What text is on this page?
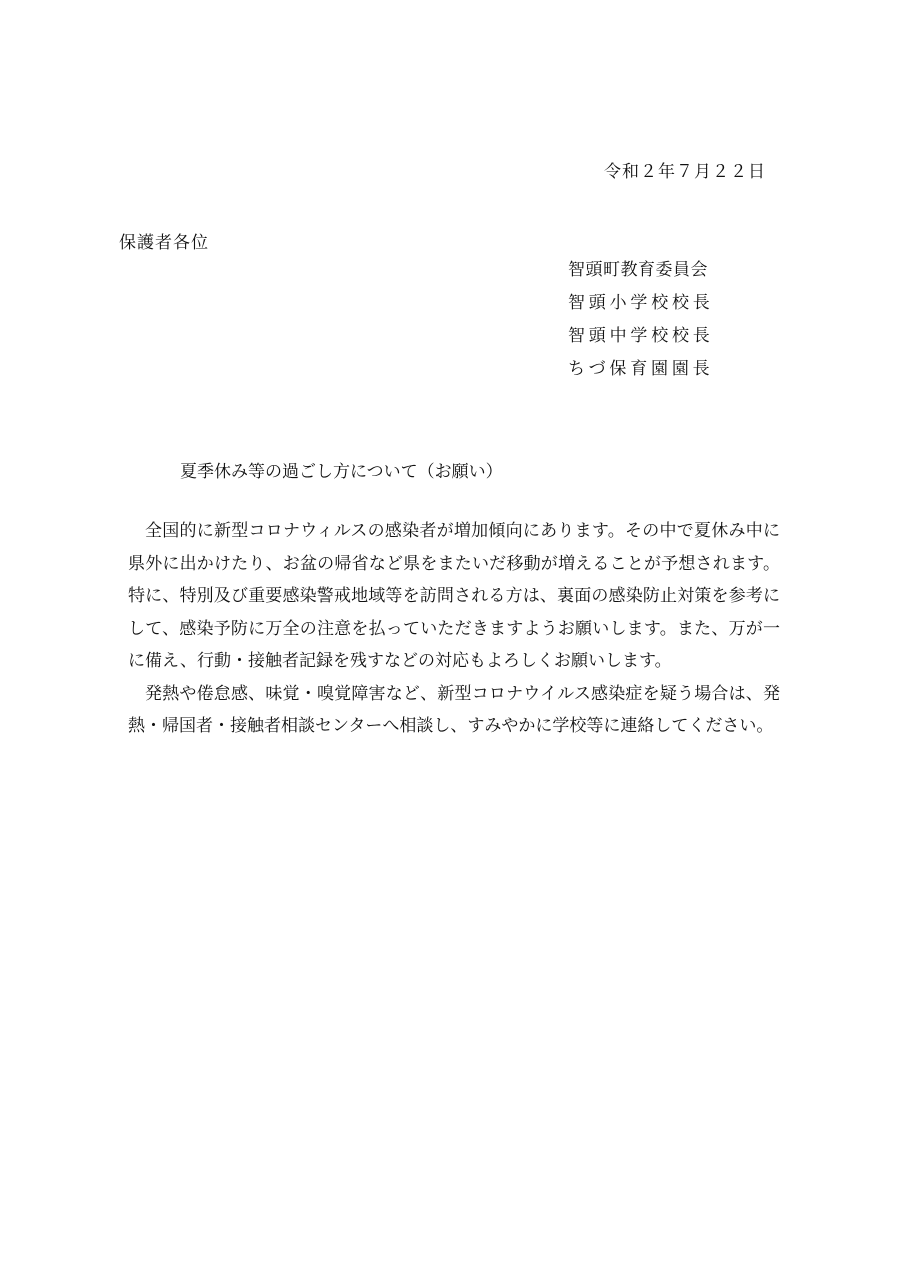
令和２年７月２２日
保護者各位
智頭町教育委員会
智頭小学校校長
智頭中学校校長
ちづ保育園園長
夏季休み等の過ごし方について（お願い）

全国的に新型コロナウィルスの感染者が増加傾向にあります。その中で夏休み中に県外に出かけたり、お盆の帰省など県をまたいだ移動が増えることが予想されます。特に、特別及び重要感染警戒地域等を訪問される方は、裏面の感染防止対策を参考にして、感染予防に万全の注意を払っていただきますようお願いします。また、万が一に備え、行動・接触者記録を残すなどの対応もよろしくお願いします。

発熱や倦怠感、味覚・嗅覚障害など、新型コロナウイルス感染症を疑う場合は、発熱・帰国者・接触者相談センターへ相談し、すみやかに学校等に連絡してください。
